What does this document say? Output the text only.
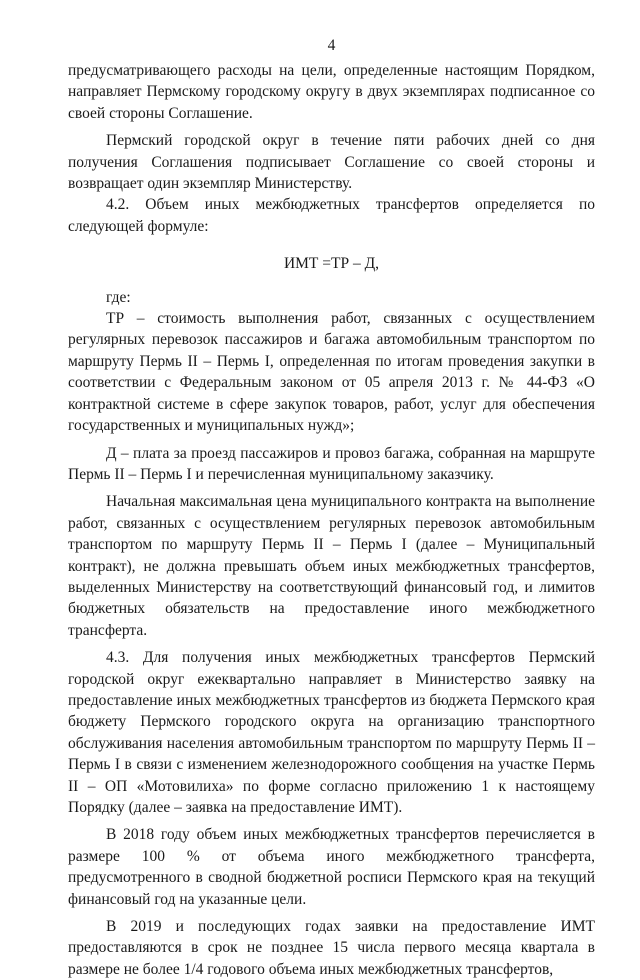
4

предусматривающего расходы на цели, определенные настоящим Порядком, направляет Пермскому городскому округу в двух экземплярах подписанное со своей стороны Соглашение.

Пермский городской округ в течение пяти рабочих дней со дня получения Соглашения подписывает Соглашение со своей стороны и возвращает один экземпляр Министерству.

4.2. Объем иных межбюджетных трансфертов определяется по следующей формуле:

ИМТ =ТР – Д,

где:

ТР – стоимость выполнения работ, связанных с осуществлением регулярных перевозок пассажиров и багажа автомобильным транспортом по маршруту Пермь II – Пермь I, определенная по итогам проведения закупки в соответствии с Федеральным законом от 05 апреля 2013 г. № 44-ФЗ «О контрактной системе в сфере закупок товаров, работ, услуг для обеспечения государственных и муниципальных нужд»;

Д – плата за проезд пассажиров и провоз багажа, собранная на маршруте Пермь II – Пермь I и перечисленная муниципальному заказчику.

Начальная максимальная цена муниципального контракта на выполнение работ, связанных с осуществлением регулярных перевозок автомобильным транспортом по маршруту Пермь II – Пермь I (далее – Муниципальный контракт), не должна превышать объем иных межбюджетных трансфертов, выделенных Министерству на соответствующий финансовый год, и лимитов бюджетных обязательств на предоставление иного межбюджетного трансферта.

4.3. Для получения иных межбюджетных трансфертов Пермский городской округ ежеквартально направляет в Министерство заявку на предоставление иных межбюджетных трансфертов из бюджета Пермского края бюджету Пермского городского округа на организацию транспортного обслуживания населения автомобильным транспортом по маршруту Пермь II – Пермь I в связи с изменением железнодорожного сообщения на участке Пермь II – ОП «Мотовилиха» по форме согласно приложению 1 к настоящему Порядку (далее – заявка на предоставление ИМТ).

В 2018 году объем иных межбюджетных трансфертов перечисляется в размере 100 % от объема иного межбюджетного трансферта, предусмотренного в сводной бюджетной росписи Пермского края на текущий финансовый год на указанные цели.

В 2019 и последующих годах заявки на предоставление ИМТ предоставляются в срок не позднее 15 числа первого месяца квартала в размере не более 1/4 годового объема иных межбюджетных трансфертов,
